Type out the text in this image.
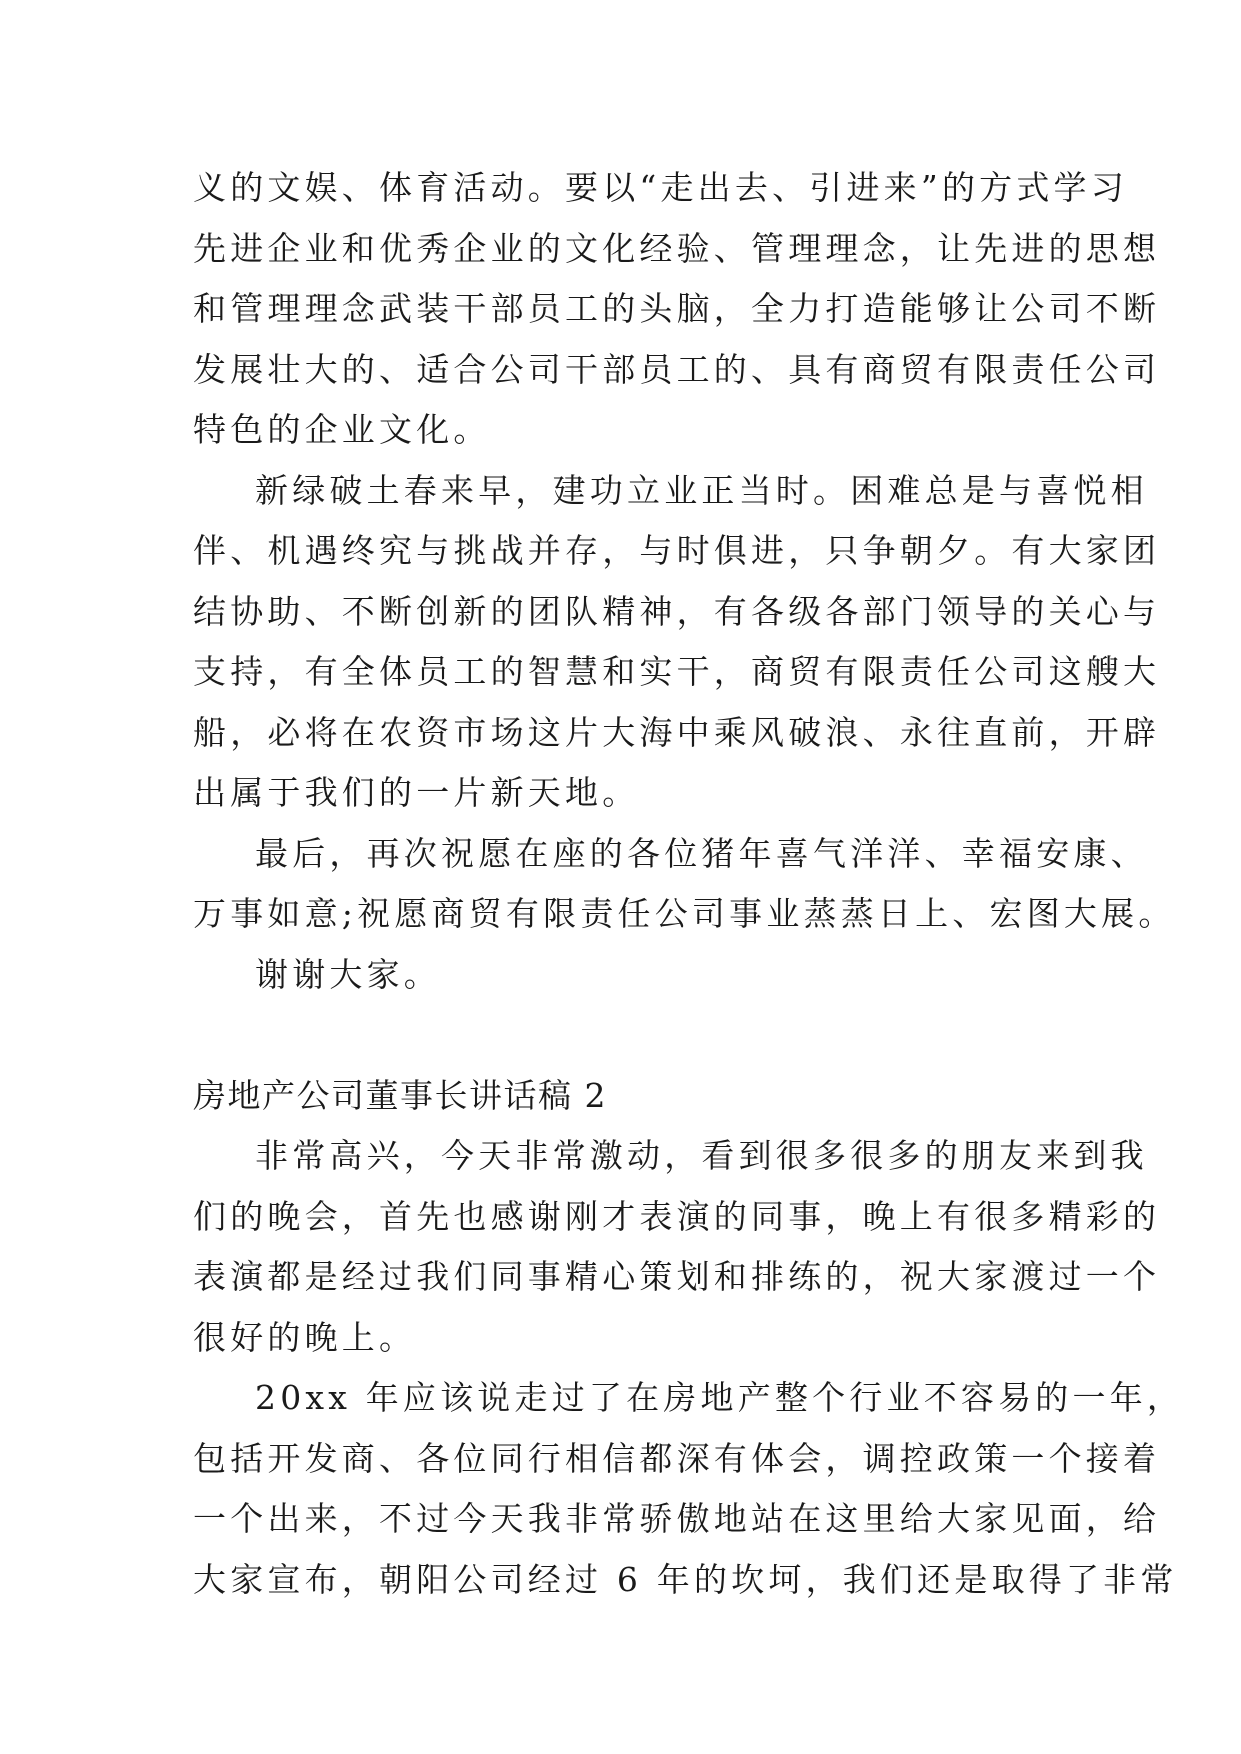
义的文娱、体育活动。要以“走出去、引进来”的方式学习
先进企业和优秀企业的文化经验、管理理念，让先进的思想
和管理理念武装干部员工的头脑，全力打造能够让公司不断
发展壮大的、适合公司干部员工的、具有商贸有限责任公司
特色的企业文化。
新绿破土春来早，建功立业正当时。困难总是与喜悦相
伴、机遇终究与挑战并存，与时俱进，只争朝夕。有大家团
结协助、不断创新的团队精神，有各级各部门领导的关心与
支持，有全体员工的智慧和实干，商贸有限责任公司这艘大
船，必将在农资市场这片大海中乘风破浪、永往直前，开辟
出属于我们的一片新天地。
最后，再次祝愿在座的各位猪年喜气洋洋、幸福安康、
万事如意;祝愿商贸有限责任公司事业蒸蒸日上、宏图大展。
谢谢大家。
房地产公司董事长讲话稿 2
非常高兴，今天非常激动，看到很多很多的朋友来到我
们的晚会，首先也感谢刚才表演的同事，晚上有很多精彩的
表演都是经过我们同事精心策划和排练的，祝大家渡过一个
很好的晚上。
20xx 年应该说走过了在房地产整个行业不容易的一年，
包括开发商、各位同行相信都深有体会，调控政策一个接着
一个出来，不过今天我非常骄傲地站在这里给大家见面，给
大家宣布，朝阳公司经过 6 年的坎坷，我们还是取得了非常
